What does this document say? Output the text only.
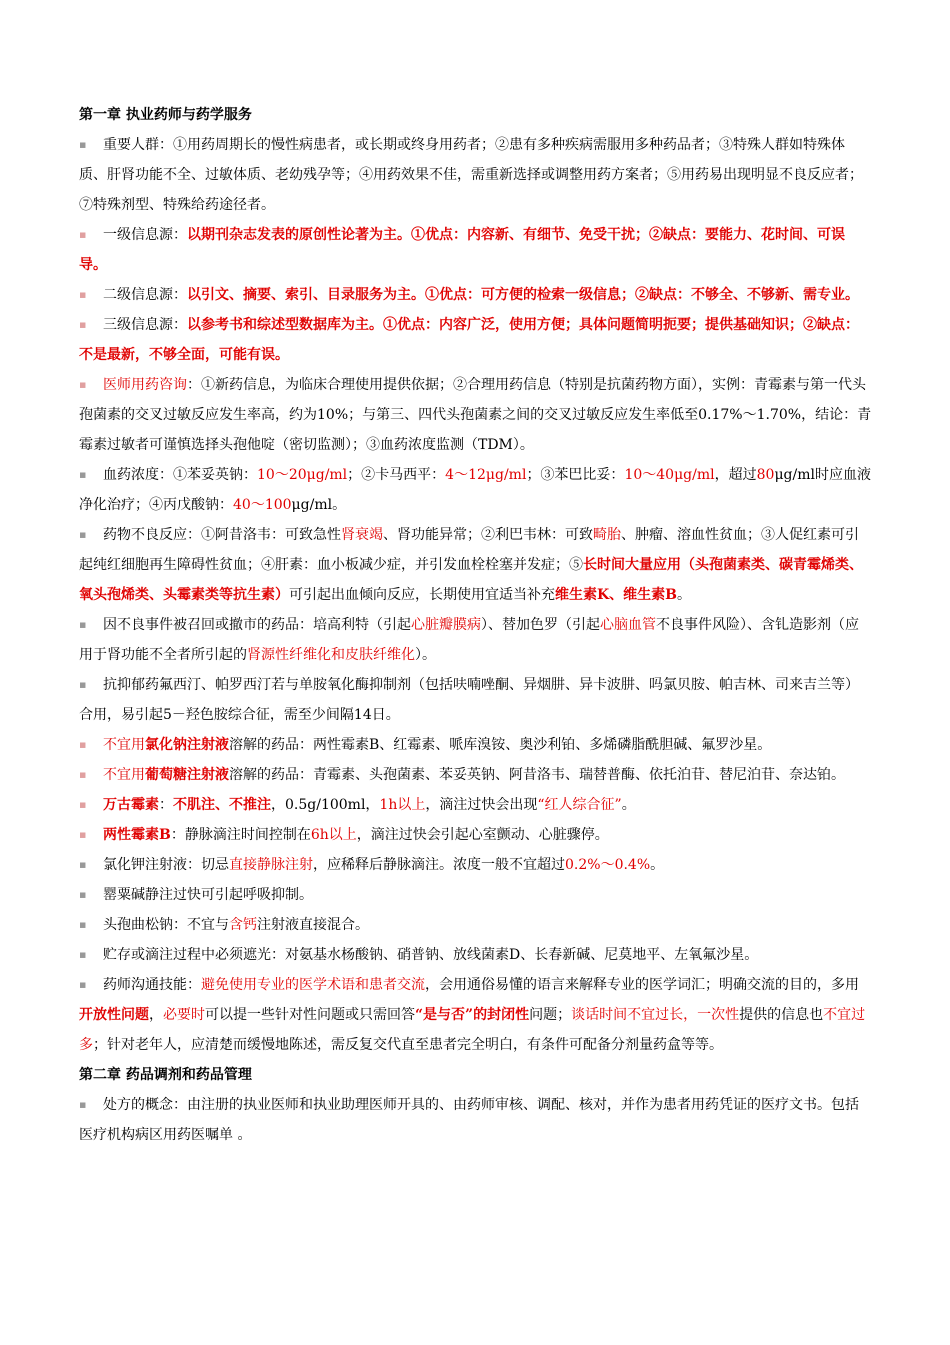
第一章 执业药师与药学服务

▪ 重要人群：①用药周期长的慢性病患者，或长期或终身用药者；②患有多种疾病需服用多种药品者；③特殊人群如特殊体质、肝肾功能不全、过敏体质、老幼残孕等；④用药效果不佳，需重新选择或调整用药方案者；⑤用药易出现明显不良反应者；⑦特殊剂型、特殊给药途径者。

▪ 一级信息源：以期刊杂志发表的原创性论著为主。①优点：内容新、有细节、免受干扰；②缺点：要能力、花时间、可误导。

▪ 二级信息源：以引文、摘要、索引、目录服务为主。①优点：可方便的检索一级信息；②缺点：不够全、不够新、需专业。

▪ 三级信息源：以参考书和综述型数据库为主。①优点：内容广泛，使用方便；具体问题简明扼要；提供基础知识；②缺点：不是最新，不够全面，可能有误。

▪ 医师用药咨询：①新药信息，为临床合理使用提供依据；②合理用药信息（特别是抗菌药物方面），实例：青霉素与第一代头孢菌素的交叉过敏反应发生率高，约为10%；与第三、四代头孢菌素之间的交叉过敏反应发生率低至0.17%～1.70%，结论：青霉素过敏者可谨慎选择头孢他啶（密切监测）；③血药浓度监测（TDM）。

▪ 血药浓度：①苯妥英钠：10～20μg/ml；②卡马西平：4～12μg/ml；③苯巴比妥：10～40μg/ml，超过80μg/ml时应血液净化治疗；④丙戊酸钠：40～100μg/ml。

▪ 药物不良反应：①阿昔洛韦：可致急性肾衰竭、肾功能异常；②利巴韦林：可致畸胎、肿瘤、溶血性贫血；③人促红素可引起纯红细胞再生障碍性贫血；④肝素：血小板减少症，并引发血栓栓塞并发症；⑤长时间大量应用（头孢菌素类、碳青霉烯类、氧头孢烯类、头霉素类等抗生素）可引起出血倾向反应，长期使用宜适当补充维生素K、维生素B。

▪ 因不良事件被召回或撤市的药品：培高利特（引起心脏瓣膜病）、替加色罗（引起心脑血管不良事件风险）、含钆造影剂（应用于肾功能不全者所引起的肾源性纤维化和皮肤纤维化）。

▪ 抗抑郁药氟西汀、帕罗西汀若与单胺氧化酶抑制剂（包括呋喃唑酮、异烟肼、异卡波肼、吗氯贝胺、帕吉林、司来吉兰等）合用，易引起5－羟色胺综合征，需至少间隔14日。

▪ 不宜用氯化钠注射液溶解的药品：两性霉素B、红霉素、哌库溴铵、奥沙利铂、多烯磷脂酰胆碱、氟罗沙星。

▪ 不宜用葡萄糖注射液溶解的药品：青霉素、头孢菌素、苯妥英钠、阿昔洛韦、瑞替普酶、依托泊苷、替尼泊苷、奈达铂。

▪ 万古霉素：不肌注、不推注，0.5g/100ml，1h以上，滴注过快会出现“红人综合征”。

▪ 两性霉素B：静脉滴注时间控制在6h以上，滴注过快会引起心室颤动、心脏骤停。

▪ 氯化钾注射液：切忌直接静脉注射，应稀释后静脉滴注。浓度一般不宜超过0.2%～0.4%。

▪ 罂粟碱静注过快可引起呼吸抑制。

▪ 头孢曲松钠：不宜与含钙注射液直接混合。

▪ 贮存或滴注过程中必须遮光：对氨基水杨酸钠、硝普钠、放线菌素D、长春新碱、尼莫地平、左氧氟沙星。

▪ 药师沟通技能：避免使用专业的医学术语和患者交流，会用通俗易懂的语言来解释专业的医学词汇；明确交流的目的，多用开放性问题，必要时可以提一些针对性问题或只需回答“是与否”的封闭性问题；谈话时间不宜过长，一次性提供的信息也不宜过多；针对老年人，应清楚而缓慢地陈述，需反复交代直至患者完全明白，有条件可配备分剂量药盒等等。

第二章 药品调剂和药品管理

▪ 处方的概念：由注册的执业医师和执业助理医师开具的、由药师审核、调配、核对，并作为患者用药凭证的医疗文书。包括医疗机构病区用药医嘱单 。
